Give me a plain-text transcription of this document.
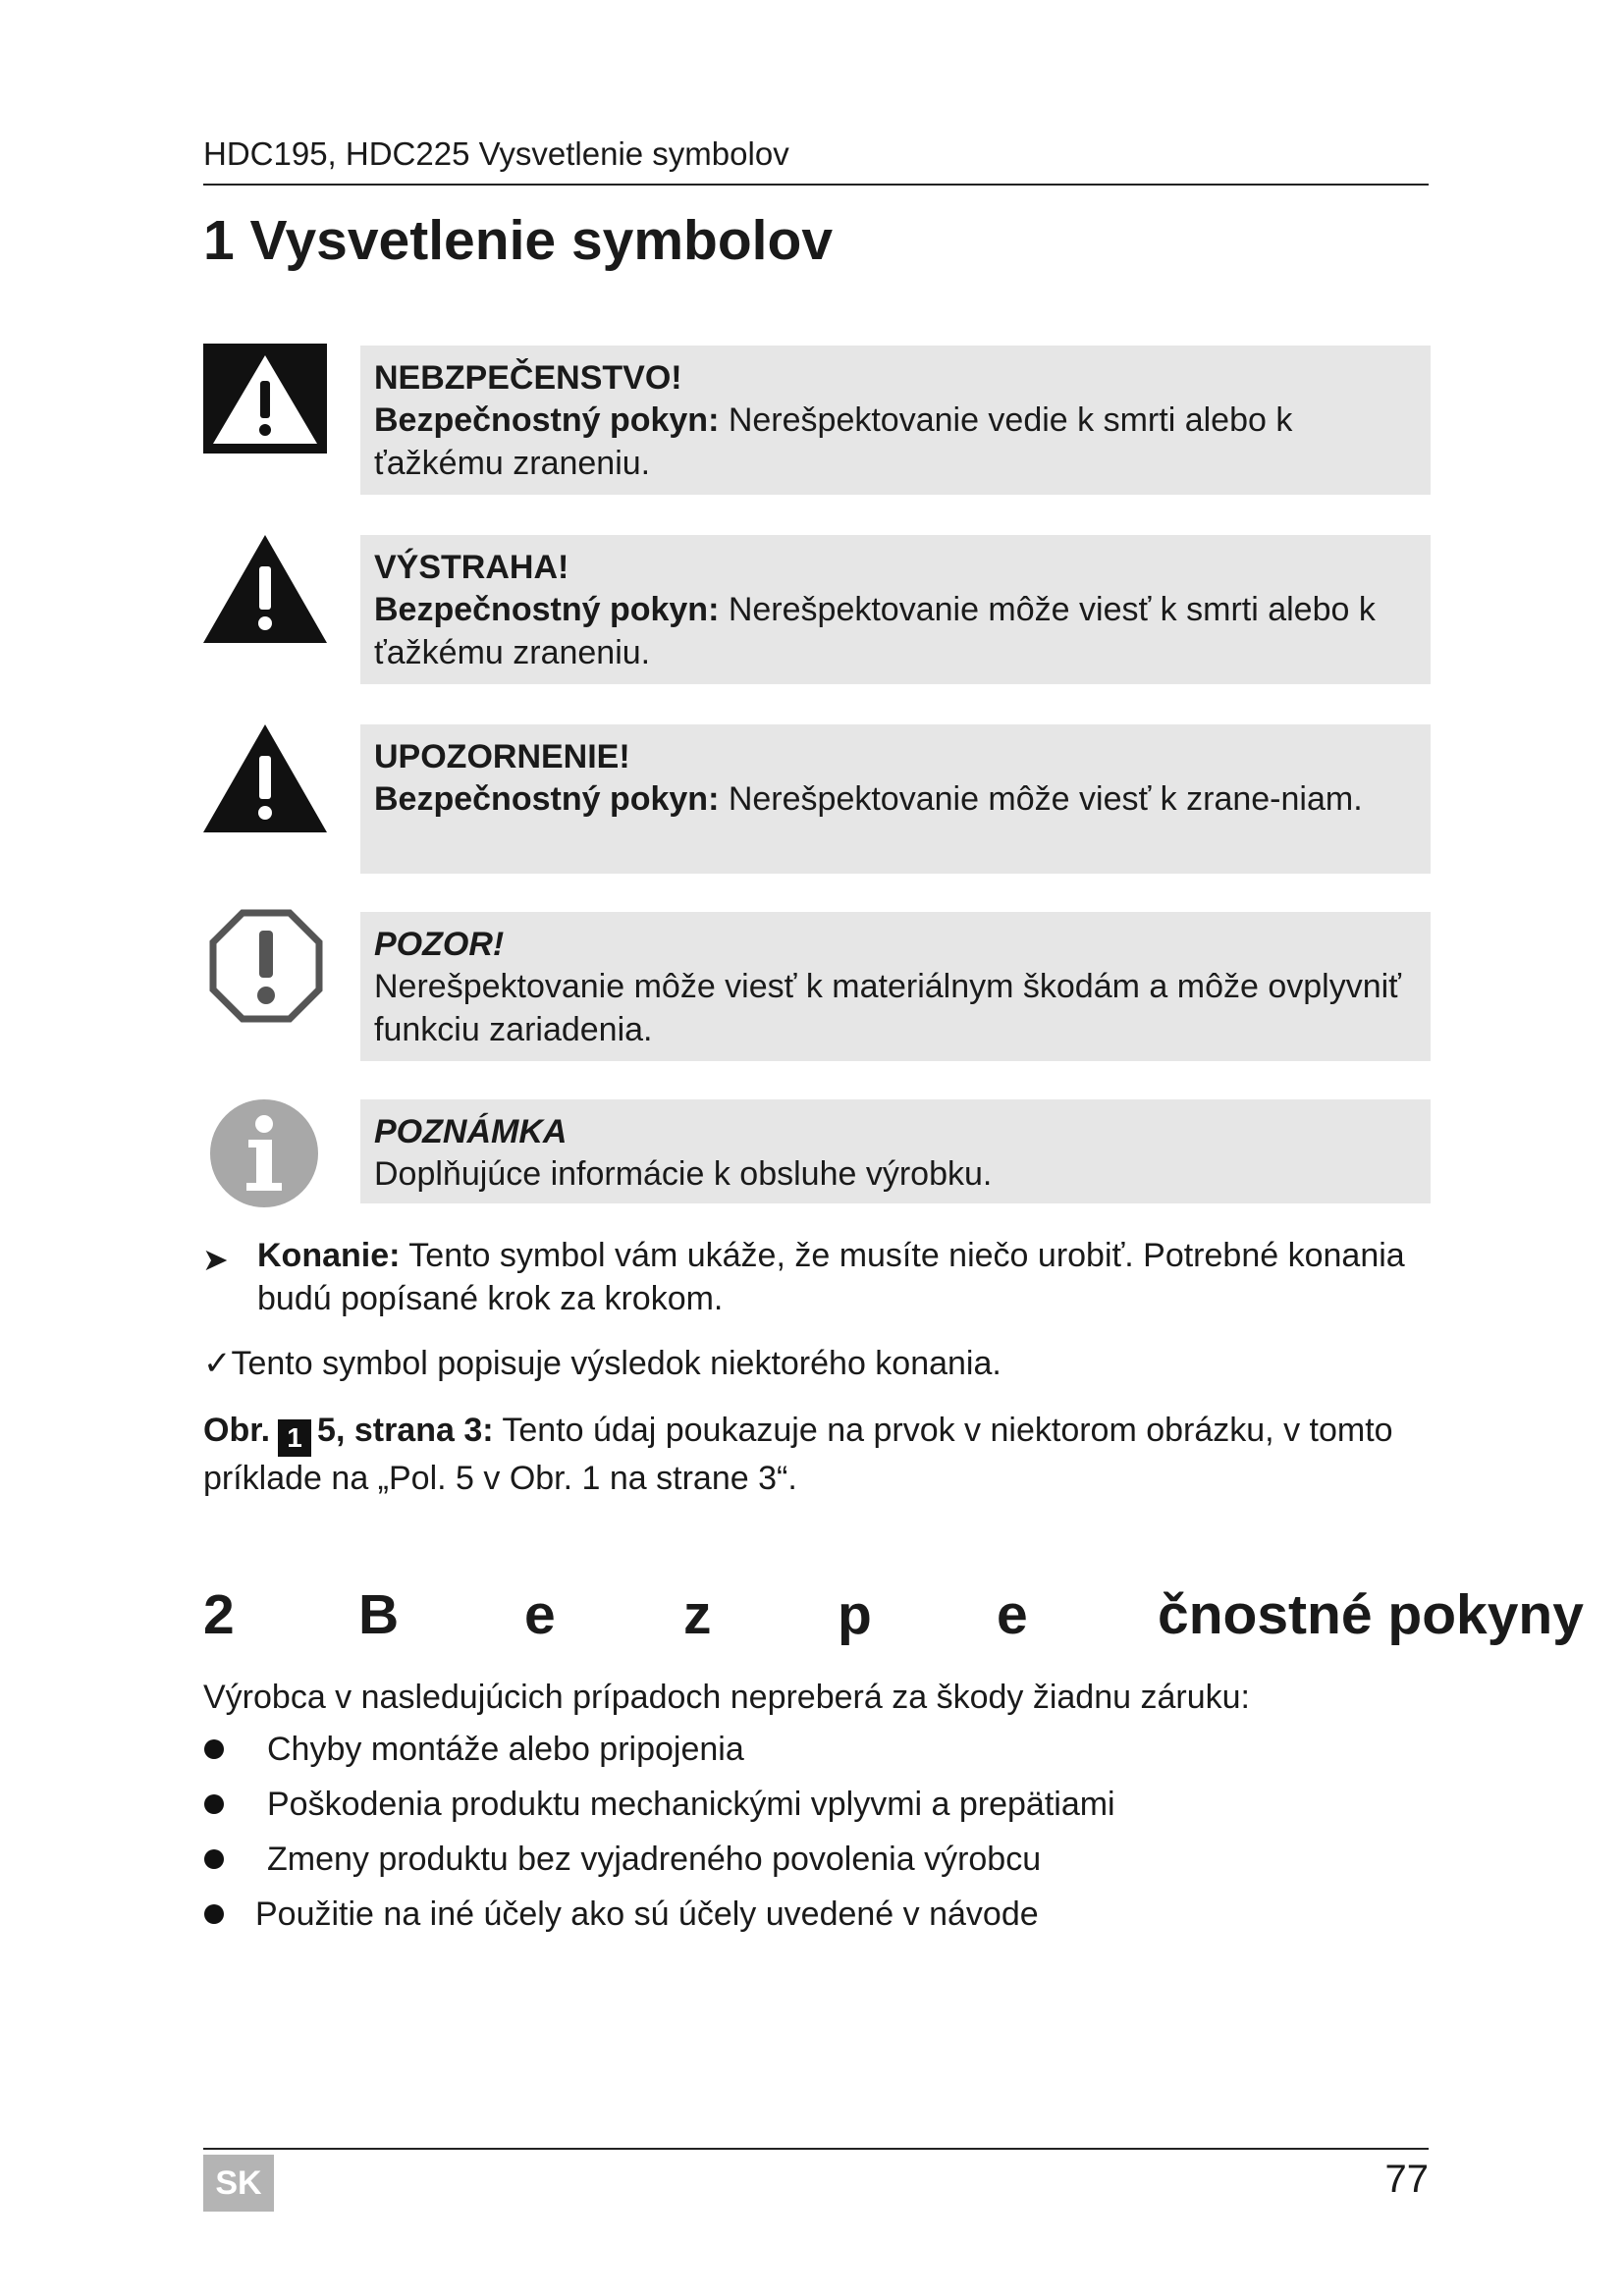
HDC195, HDC225 Vysvetlenie symbolov
1 Vysvetlenie symbolov
NEBZPEČENSTVO!
Bezpečnostný pokyn: Nerešpektovanie vedie k smrti alebo k ťažkému zraneniu.
VÝSTRAHA!
Bezpečnostný pokyn: Nerešpektovanie môže viesť k smrti alebo k ťažkému zraneniu.
UPOZORNENIE!
Bezpečnostný pokyn: Nerešpektovanie môže viesť k zrane-niam.
POZOR!
Nerešpektovanie môže viesť k materiálnym škodám a môže ovplyvniť funkciu zariadenia.
POZNÁMKA
Doplňujúce informácie k obsluhe výrobku.
➤ Konanie: Tento symbol vám ukáže, že musíte niečo urobiť. Potrebné konania budú popísané krok za krokom.
✓Tento symbol popisuje výsledok niektorého konania.
Obr. 1 5, strana 3: Tento údaj poukazuje na prvok v niektorom obrázku, v tomto príklade na „Pol. 5 v Obr. 1 na strane 3“.
2 B e z p e čnostné pokyny
Výrobca v nasledujúcich prípadoch nepreberá za škody žiadnu záruku:
Chyby montáže alebo pripojenia
Poškodenia produktu mechanickými vplyvmi a prepätiami
Zmeny produktu bez vyjadreného povolenia výrobcu
Použitie na iné účely ako sú účely uvedené v návode
SK	77
